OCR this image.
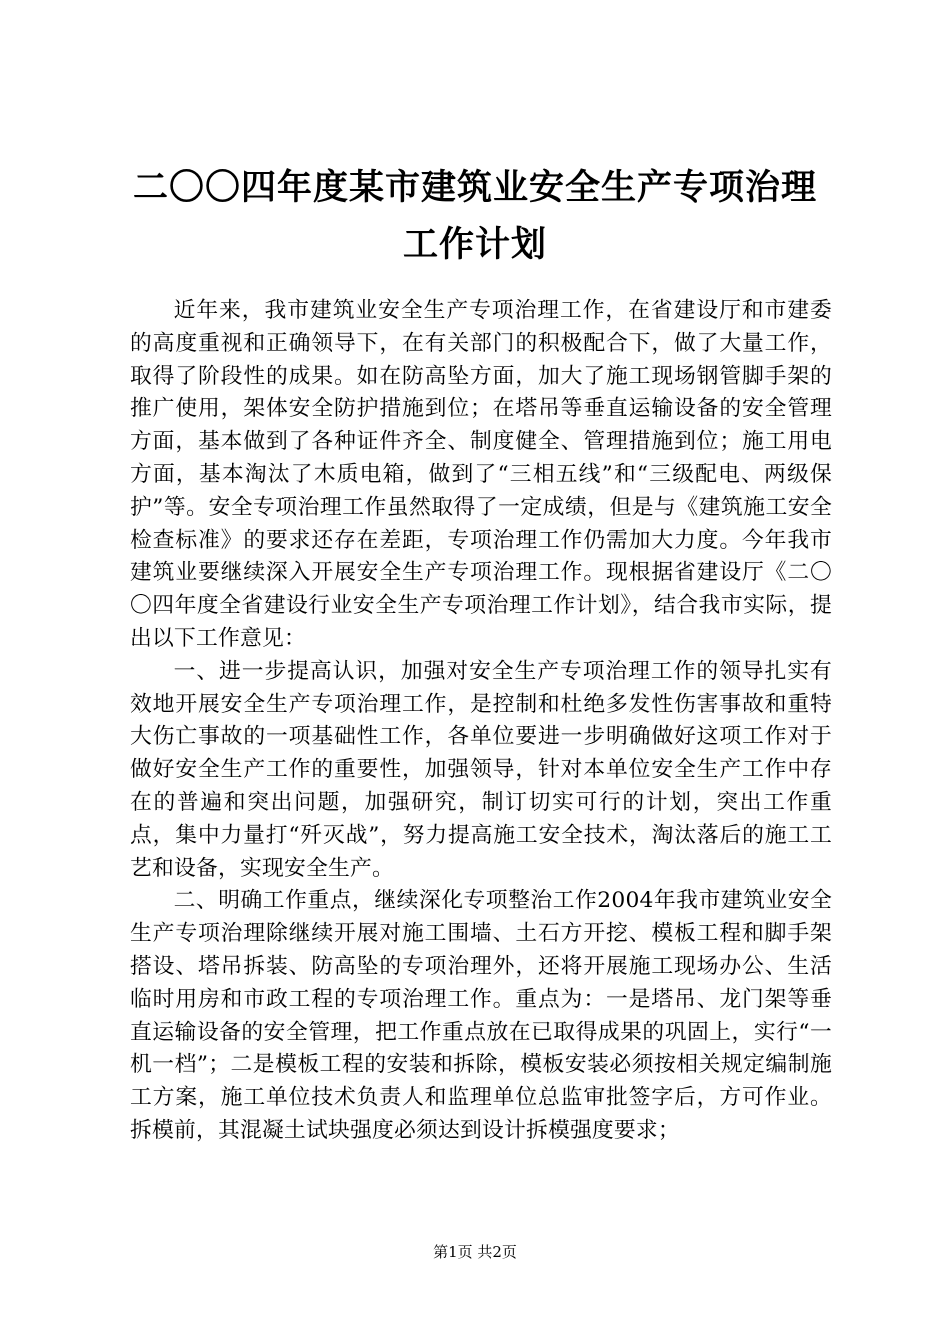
二〇〇四年度某市建筑业安全生产专项治理工作计划

近年来，我市建筑业安全生产专项治理工作，在省建设厅和市建委的高度重视和正确领导下，在有关部门的积极配合下，做了大量工作，取得了阶段性的成果。如在防高坠方面，加大了施工现场钢管脚手架的推广使用，架体安全防护措施到位；在塔吊等垂直运输设备的安全管理方面，基本做到了各种证件齐全、制度健全、管理措施到位；施工用电方面，基本淘汰了木质电箱，做到了“三相五线”和“三级配电、两级保护”等。安全专项治理工作虽然取得了一定成绩，但是与《建筑施工安全检查标准》的要求还存在差距，专项治理工作仍需加大力度。今年我市建筑业要继续深入开展安全生产专项治理工作。现根据省建设厅《二〇〇四年度全省建设行业安全生产专项治理工作计划》，结合我市实际，提出以下工作意见：

一、进一步提高认识，加强对安全生产专项治理工作的领导扎实有效地开展安全生产专项治理工作，是控制和杜绝多发性伤害事故和重特大伤亡事故的一项基础性工作，各单位要进一步明确做好这项工作对于做好安全生产工作的重要性，加强领导，针对本单位安全生产工作中存在的普遍和突出问题，加强研究，制订切实可行的计划，突出工作重点，集中力量打“歼灭战”，努力提高施工安全技术，淘汰落后的施工工艺和设备，实现安全生产。

二、明确工作重点，继续深化专项整治工作2004年我市建筑业安全生产专项治理除继续开展对施工围墙、土石方开挖、模板工程和脚手架搭设、塔吊拆装、防高坠的专项治理外，还将开展施工现场办公、生活临时用房和市政工程的专项治理工作。重点为：一是塔吊、龙门架等垂直运输设备的安全管理，把工作重点放在已取得成果的巩固上，实行“一机一档”；二是模板工程的安装和拆除，模板安装必须按相关规定编制施工方案，施工单位技术负责人和监理单位总监审批签字后，方可作业。拆模前，其混凝土试块强度必须达到设计拆模强度要求；

第1页 共2页
